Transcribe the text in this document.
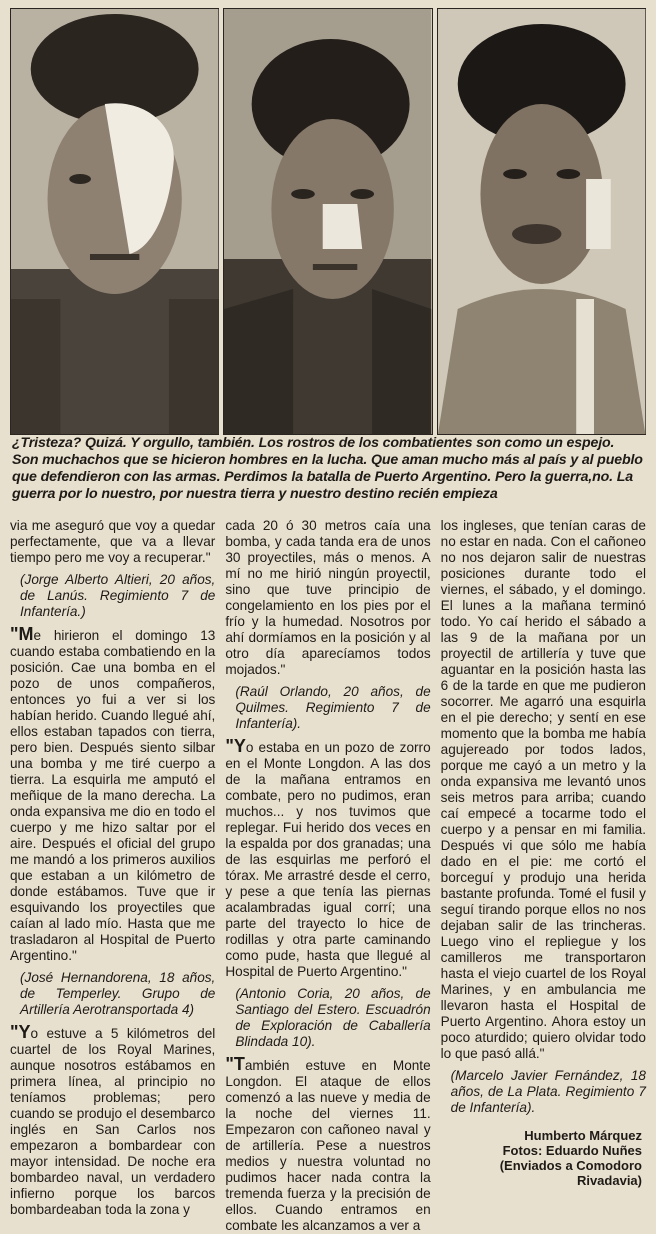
¿Tristeza? Quizá. Y orgullo, también. Los rostros de los combatientes son como un espejo. Son muchachos que se hicieron hombres en la lucha. Que aman mucho más al país y al pueblo que defendieron con las armas. Perdimos la batalla de Puerto Argentino. Pero la guerra,no. La guerra por lo nuestro, por nuestra tierra y nuestro destino recién empieza

via me aseguró que voy a quedar perfectamente, que va a llevar tiempo pero me voy a recuperar."

(Jorge Alberto Altieri, 20 años, de Lanús. Regimiento 7 de Infantería.)

"Me hirieron el domingo 13 cuando estaba combatiendo en la posición. Cae una bomba en el pozo de unos compañeros, entonces yo fui a ver si los habían herido. Cuando llegué ahí, ellos estaban tapados con tierra, pero bien. Después siento silbar una bomba y me tiré cuerpo a tierra. La esquirla me amputó el meñique de la mano derecha. La onda expansiva me dio en todo el cuerpo y me hizo saltar por el aire. Después el oficial del grupo me mandó a los primeros auxilios que estaban a un kilómetro de donde estábamos. Tuve que ir esquivando los proyectiles que caían al lado mío. Hasta que me trasladaron al Hospital de Puerto Argentino."

(José Hernandorena, 18 años, de Temperley. Grupo de Artillería Aerotransportada 4)

"Yo estuve a 5 kilómetros del cuartel de los Royal Marines, aunque nosotros estábamos en primera línea, al principio no teníamos problemas; pero cuando se produjo el desembarco inglés en San Carlos nos empezaron a bombardear con mayor intensidad. De noche era bombardeo naval, un verdadero infierno porque los barcos bombardeaban toda la zona y

cada 20 ó 30 metros caía una bomba, y cada tanda era de unos 30 proyectiles, más o menos. A mí no me hirió ningún proyectil, sino que tuve principio de congelamiento en los pies por el frío y la humedad. Nosotros por ahí dormíamos en la posición y al otro día aparecíamos todos mojados."

(Raúl Orlando, 20 años, de Quilmes. Regimiento 7 de Infantería).

"Yo estaba en un pozo de zorro en el Monte Longdon. A las dos de la mañana entramos en combate, pero no pudimos, eran muchos... y nos tuvimos que replegar. Fui herido dos veces en la espalda por dos granadas; una de las esquirlas me perforó el tórax. Me arrastré desde el cerro, y pese a que tenía las piernas acalambradas igual corrí; una parte del trayecto lo hice de rodillas y otra parte caminando como pude, hasta que llegué al Hospital de Puerto Argentino."

(Antonio Coria, 20 años, de Santiago del Estero. Escuadrón de Exploración de Caballería Blindada 10).

"También estuve en Monte Longdon. El ataque de ellos comenzó a las nueve y media de la noche del viernes 11. Empezaron con cañoneo naval y de artillería. Pese a nuestros medios y nuestra voluntad no pudimos hacer nada contra la tremenda fuerza y la precisión de ellos. Cuando entramos en combate les alcanzamos a ver a

los ingleses, que tenían caras de no estar en nada. Con el cañoneo no nos dejaron salir de nuestras posiciones durante todo el viernes, el sábado, y el domingo. El lunes a la mañana terminó todo. Yo caí herido el sábado a las 9 de la mañana por un proyectil de artillería y tuve que aguantar en la posición hasta las 6 de la tarde en que me pudieron socorrer. Me agarró una esquirla en el pie derecho; y sentí en ese momento que la bomba me había agujereado por todos lados, porque me cayó a un metro y la onda expansiva me levantó unos seis metros para arriba; cuando caí empecé a tocarme todo el cuerpo y a pensar en mi familia. Después vi que sólo me había dado en el pie: me cortó el borceguí y produjo una herida bastante profunda. Tomé el fusil y seguí tirando porque ellos no nos dejaban salir de las trincheras. Luego vino el repliegue y los camilleros me transportaron hasta el viejo cuartel de los Royal Marines, y en ambulancia me llevaron hasta el Hospital de Puerto Argentino. Ahora estoy un poco aturdido; quiero olvidar todo lo que pasó allá."

(Marcelo Javier Fernández, 18 años, de La Plata. Regimiento 7 de Infantería).

Humberto Márquez
Fotos: Eduardo Nuñes
(Enviados a Comodoro
Rivadavia)
